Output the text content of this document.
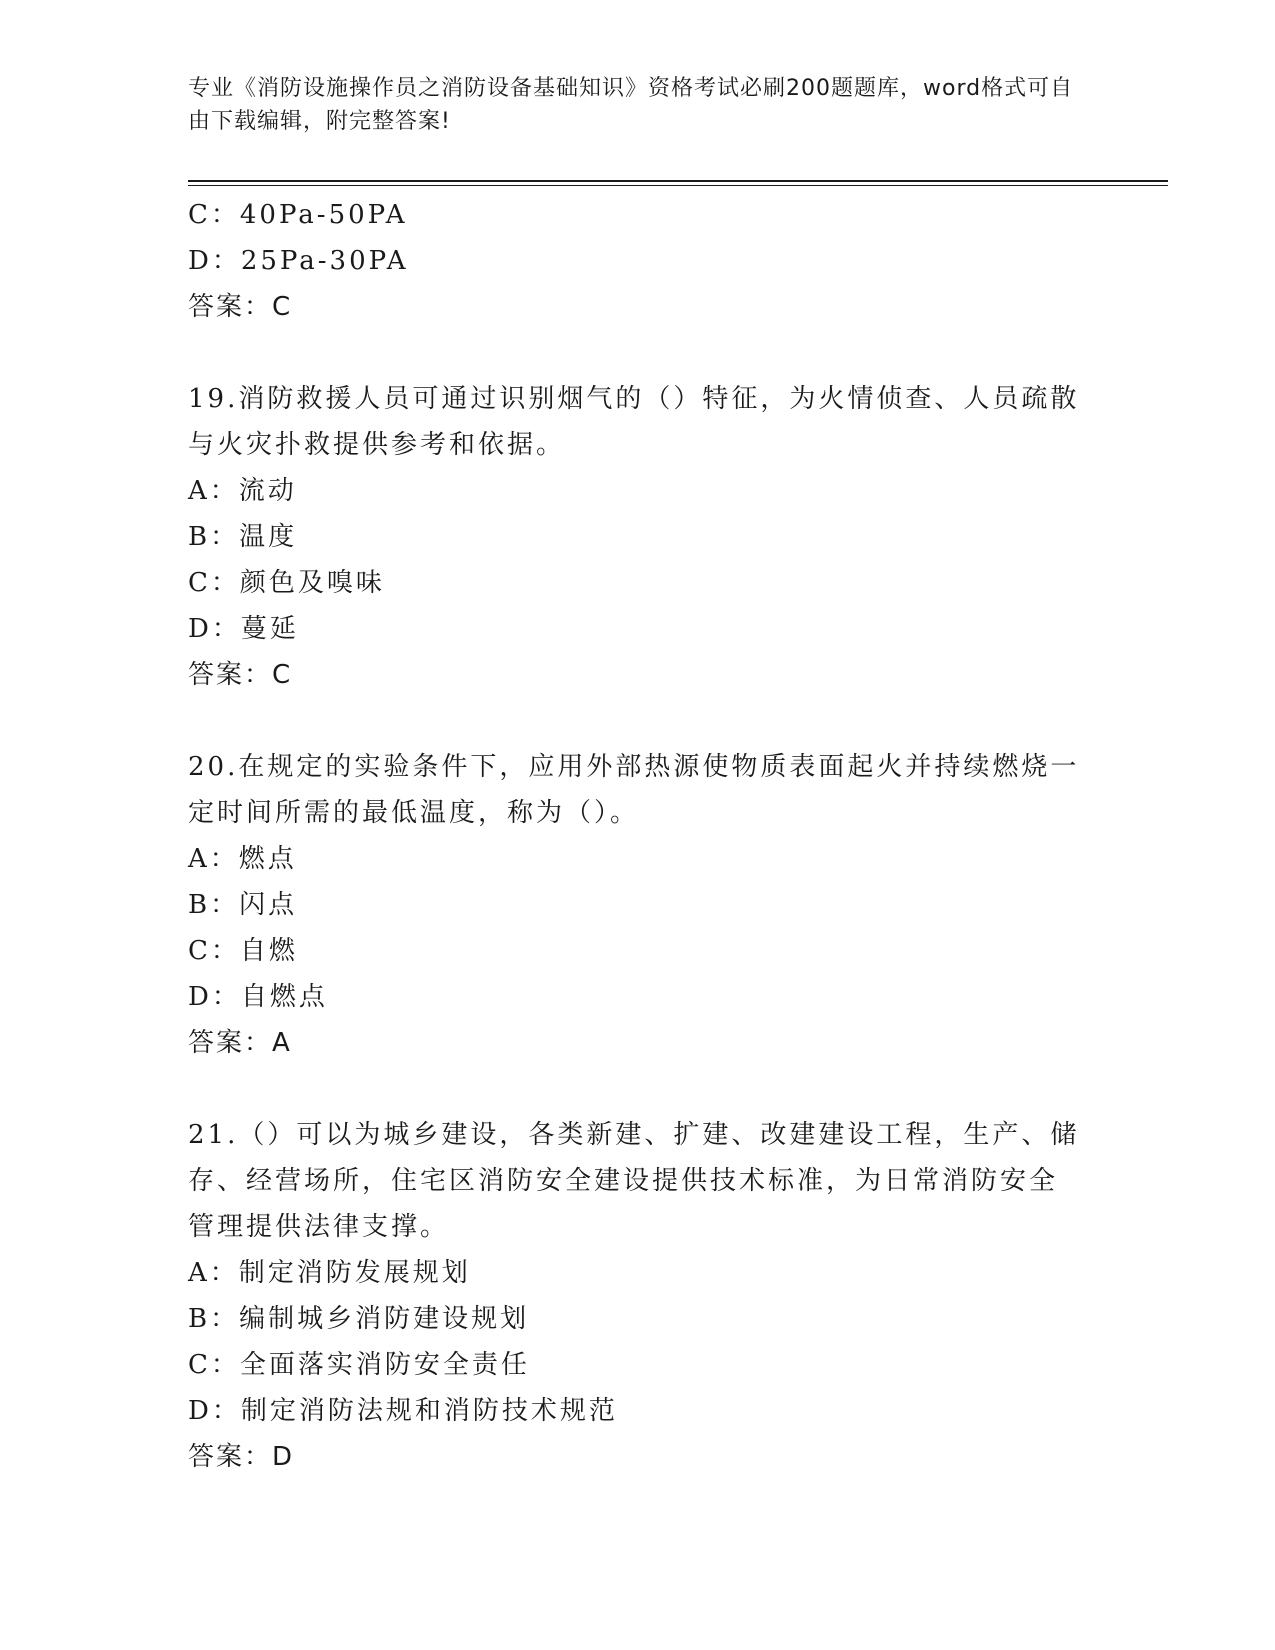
专业《消防设施操作员之消防设备基础知识》资格考试必刷200题题库，word格式可自由下载编辑，附完整答案!
C：40Pa-50PA
D：25Pa-30PA
答案：C
19.消防救援人员可通过识别烟气的（）特征，为火情侦查、人员疏散
与火灾扑救提供参考和依据。
A：流动
B：温度
C：颜色及嗅味
D：蔓延
答案：C
20.在规定的实验条件下，应用外部热源使物质表面起火并持续燃烧一
定时间所需的最低温度，称为（）。
A：燃点
B：闪点
C：自燃
D：自燃点
答案：A
21.（）可以为城乡建设，各类新建、扩建、改建建设工程，生产、储
存、经营场所，住宅区消防安全建设提供技术标准，为日常消防安全
管理提供法律支撑。
A：制定消防发展规划
B：编制城乡消防建设规划
C：全面落实消防安全责任
D：制定消防法规和消防技术规范
答案：D
